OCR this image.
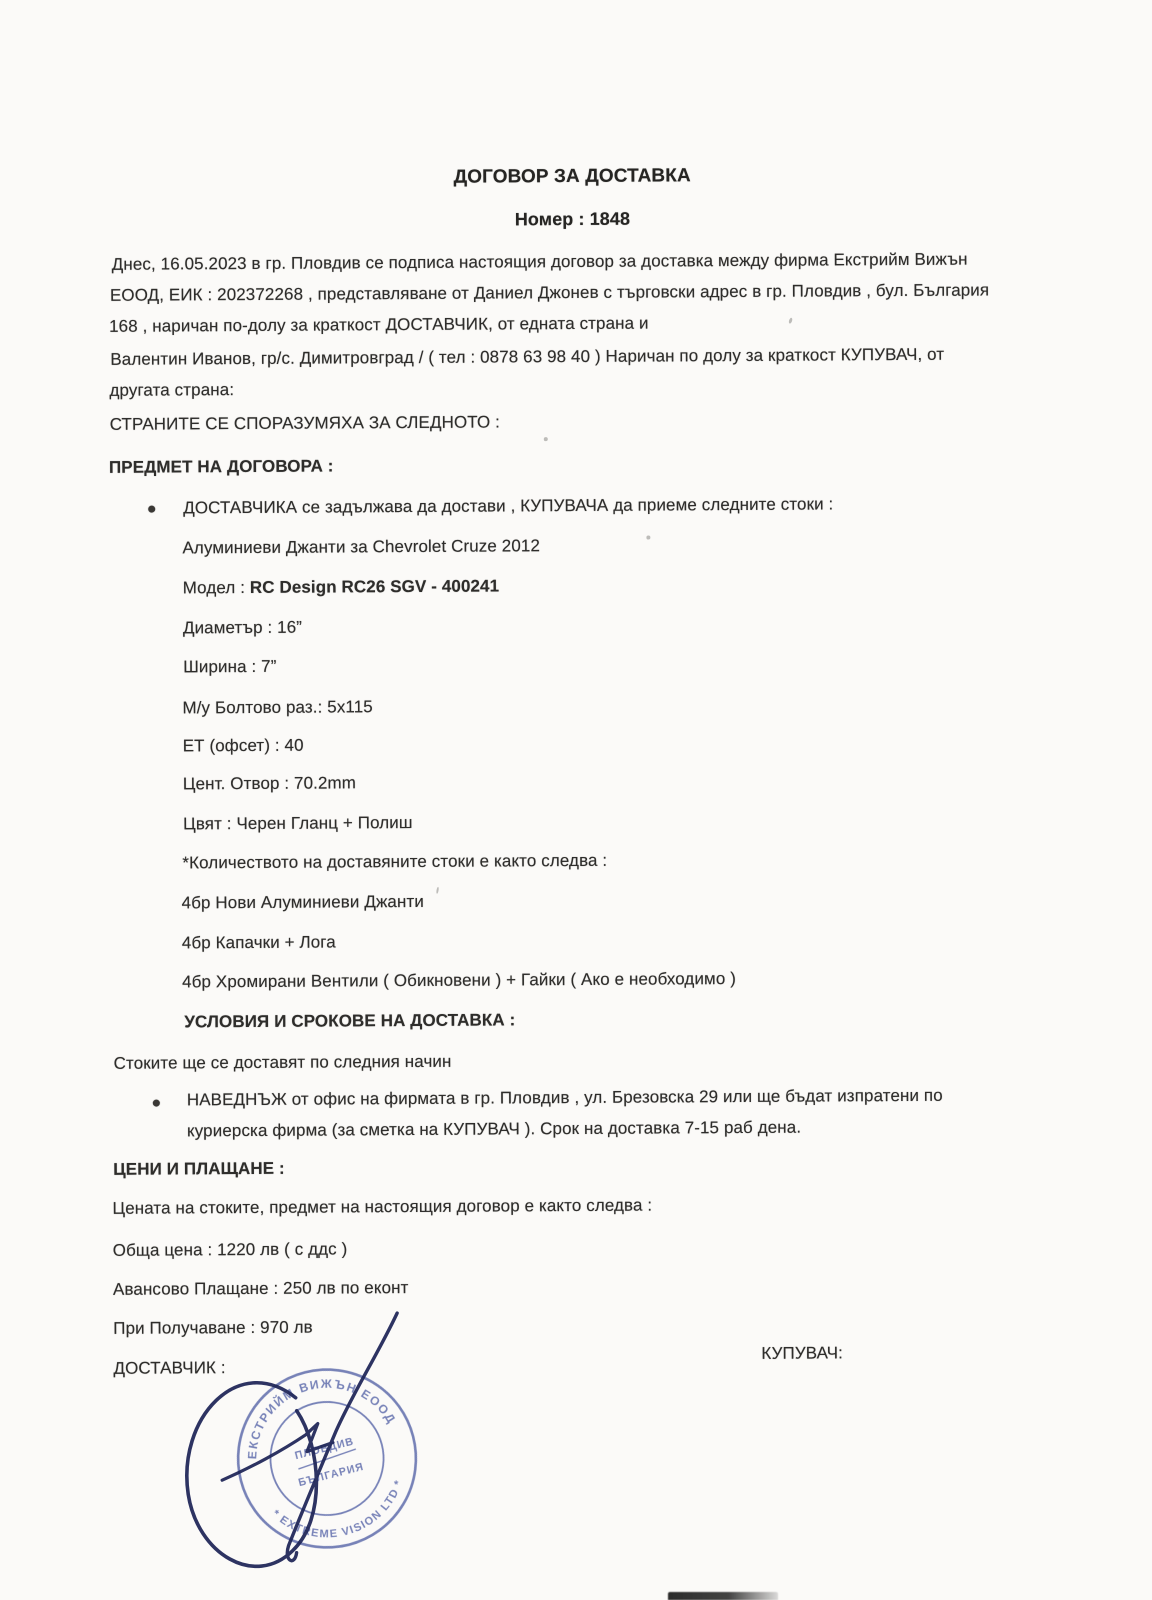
ДОГОВОР ЗА ДОСТАВКА
Номер : 1848
Днес, 16.05.2023 в гр. Пловдив се подписа настоящия договор за доставка между фирма Екстрийм Вижън
ЕООД, ЕИК : 202372268 , представляване от Даниел Джонев с търговски адрес в гр. Пловдив , бул. България
168 , наричан по-долу за краткост ДОСТАВЧИК, от едната страна и
Валентин Иванов, гр/с. Димитровград / ( тел : 0878 63 98 40 ) Наричан по долу за краткост КУПУВАЧ, от
другата страна:
СТРАНИТЕ СЕ СПОРАЗУМЯХА ЗА СЛЕДНОТО :
ПРЕДМЕТ НА ДОГОВОРА :
ДОСТАВЧИКА се задължава да достави , КУПУВАЧА да приеме следните стоки :
Алуминиеви Джанти за Chevrolet Cruze 2012
Модел : RC Design RC26 SGV - 400241
Диаметър : 16”
Ширина : 7”
М/у Болтово раз.: 5x115
ЕТ (офсет) : 40
Цент. Отвор : 70.2mm
Цвят : Черен Гланц + Полиш
*Количеството на доставяните стоки е както следва :
4бр Нови Алуминиеви Джанти
4бр Капачки + Лога
4бр Хромирани Вентили ( Обикновени ) + Гайки ( Ако е необходимо )
УСЛОВИЯ И СРОКОВЕ НА ДОСТАВКА :
Стоките ще се доставят по следния начин
НАВЕДНЪЖ от офис на фирмата в гр. Пловдив , ул. Брезовска 29 или ще бъдат изпратени по
куриерска фирма (за сметка на КУПУВАЧ ). Срок на доставка 7-15 раб дена.
ЦЕНИ И ПЛАЩАНЕ :
Цената на стоките, предмет на настоящия договор е както следва :
Обща цена : 1220 лв ( с ддс )
Авансово Плащане : 250 лв по еконт
При Получаване : 970 лв
ДОСТАВЧИК :
КУПУВАЧ:
ЕКСТРИЙМ ВИЖЪН ЕООД
* EXTREME VISION LTD *
ПЛОВДИВ
БЪЛГАРИЯ
